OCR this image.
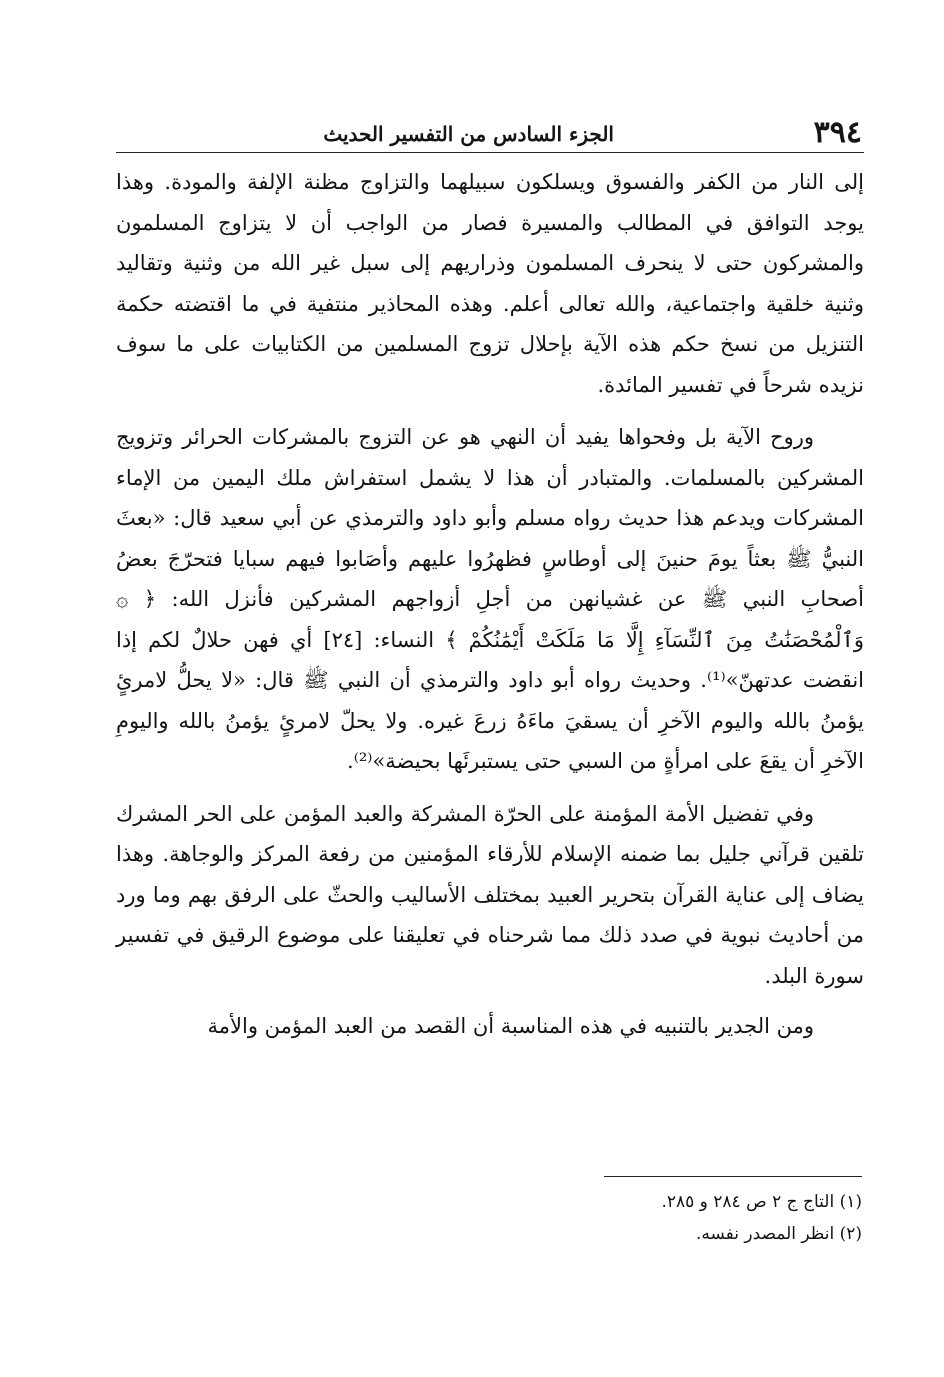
٣٩٤
الجزء السادس من التفسير الحديث

إلى النار من الكفر والفسوق ويسلكون سبيلهما والتزاوج مظنة الإلفة والمودة. وهذا يوجد التوافق في المطالب والمسيرة فصار من الواجب أن لا يتزاوج المسلمون والمشركون حتى لا ينحرف المسلمون وذراريهم إلى سبل غير الله من وثنية وتقاليد وثنية خلقية واجتماعية، والله تعالى أعلم. وهذه المحاذير منتفية في ما اقتضته حكمة التنزيل من نسخ حكم هذه الآية بإحلال تزوج المسلمين من الكتابيات على ما سوف نزيده شرحاً في تفسير المائدة.

وروح الآية بل وفحواها يفيد أن النهي هو عن التزوج بالمشركات الحرائر وتزويج المشركين بالمسلمات. والمتبادر أن هذا لا يشمل استفراش ملك اليمين من الإماء المشركات ويدعم هذا حديث رواه مسلم وأبو داود والترمذي عن أبي سعيد قال: «بعثَ النبيُّ ﷺ بعثاً يومَ حنينَ إلى أوطاسٍ فظهرُوا عليهم وأصَابوا فيهم سبايا فتحرّجَ بعضُ أصحابِ النبي ﷺ عن غشيانهن من أجلِ أزواجهم المشركين فأنزل الله: ﴿ ۞ وَٱلْمُحْصَنَٰتُ مِنَ ٱلنِّسَآءِ إِلَّا مَا مَلَكَتْ أَيْمَٰنُكُمْ ﴾ النساء: [٢٤] أي فهن حلالٌ لكم إذا انقضت عدتهنّ»⁽¹⁾. وحديث رواه أبو داود والترمذي أن النبي ﷺ قال: «لا يحلُّ لامرئٍ يؤمنُ بالله واليوم الآخرِ أن يسقيَ ماءَهُ زرعَ غيره. ولا يحلّ لامرئٍ يؤمنُ بالله واليومِ الآخرِ أن يقعَ على امرأةٍ من السبي حتى يستبرئَها بحيضة»⁽²⁾.

وفي تفضيل الأمة المؤمنة على الحرّة المشركة والعبد المؤمن على الحر المشرك تلقين قرآني جليل بما ضمنه الإسلام للأرقاء المؤمنين من رفعة المركز والوجاهة. وهذا يضاف إلى عناية القرآن بتحرير العبيد بمختلف الأساليب والحثّ على الرفق بهم وما ورد من أحاديث نبوية في صدد ذلك مما شرحناه في تعليقنا على موضوع الرقيق في تفسير سورة البلد.

ومن الجدير بالتنبيه في هذه المناسبة أن القصد من العبد المؤمن والأمة

(١) التاج ج ٢ ص ٢٨٤ و ٢٨٥.

(٢) انظر المصدر نفسه.
